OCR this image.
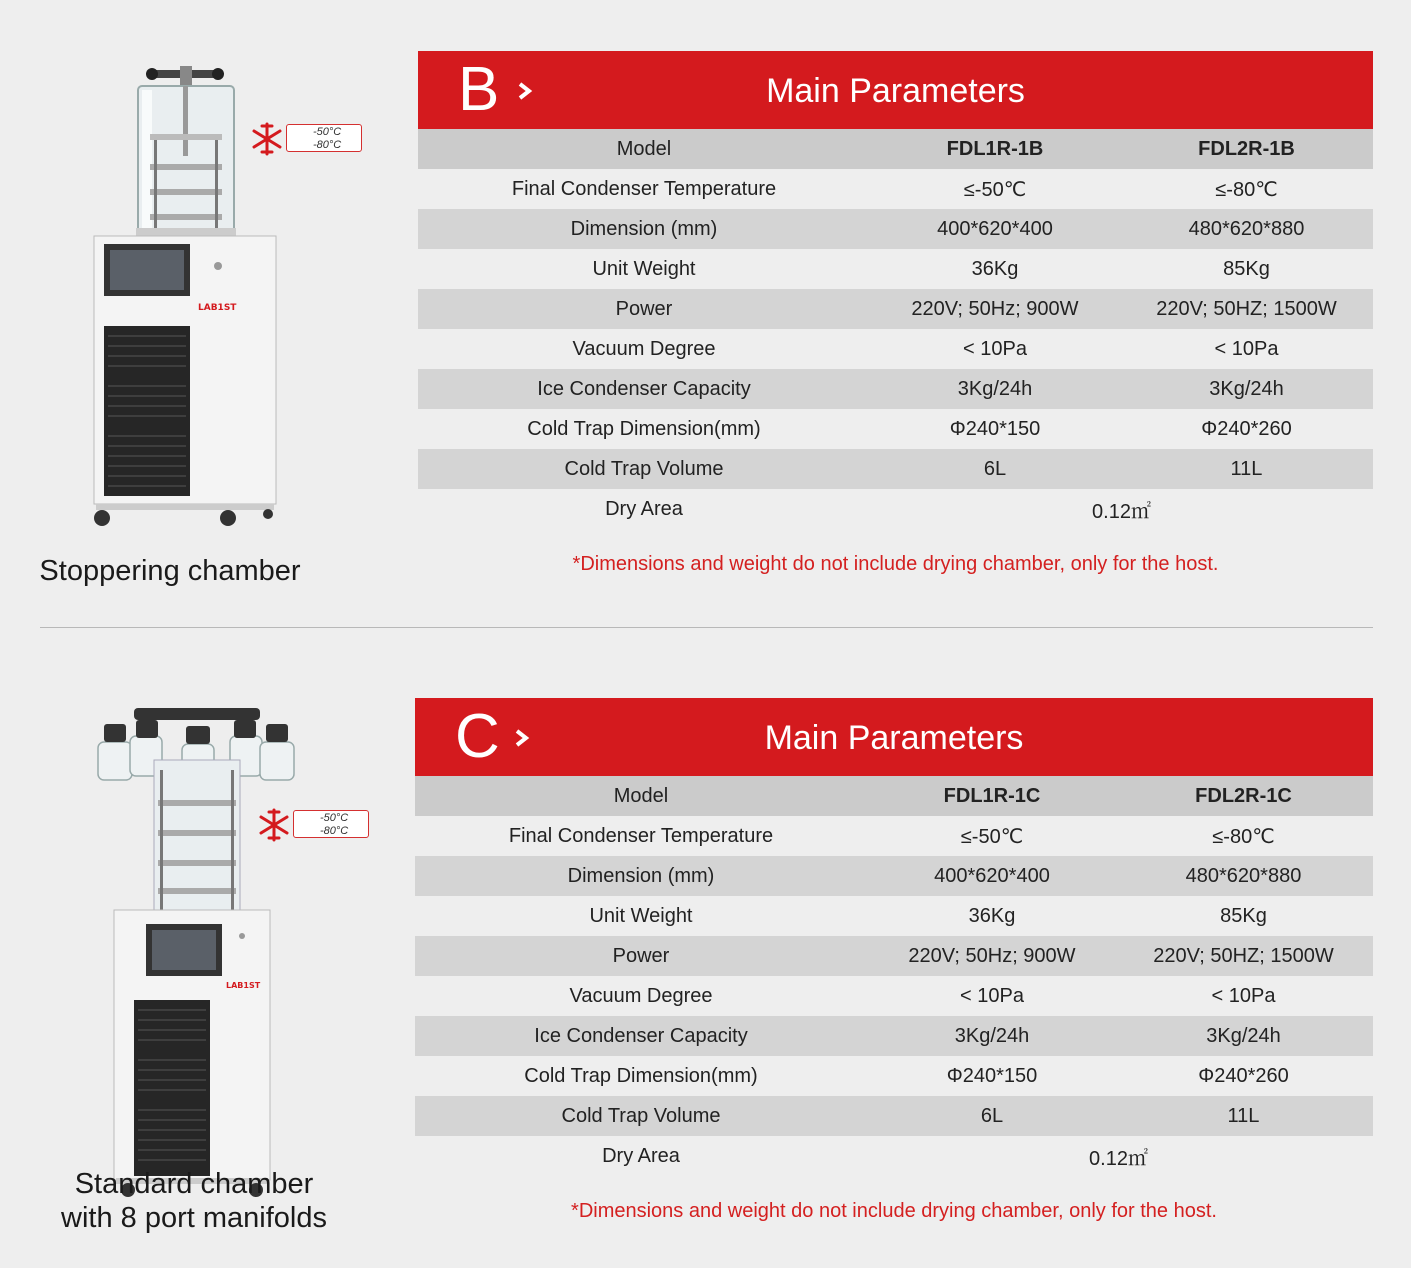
LAB1ST
-50°C
-80°C
Stoppering chamber
B	Main Parameters
Model	FDL1R-1B	FDL2R-1B
Final Condenser Temperature	≤-50℃	≤-80℃
Dimension (mm)	400*620*400	480*620*880
Unit Weight	36Kg	85Kg
Power	220V; 50Hz; 900W	220V; 50HZ; 1500W
Vacuum Degree	< 10Pa	< 10Pa
Ice Condenser Capacity	3Kg/24h	3Kg/24h
Cold Trap Dimension(mm)	Φ240*150	Φ240*260
Cold Trap Volume	6L	11L
Dry Area	0.12㎡
*Dimensions and weight do not include drying chamber, only for the host.
LAB1ST
-50°C
-80°C
Standard chamber
with 8 port manifolds
C	Main Parameters
Model	FDL1R-1C	FDL2R-1C
Final Condenser Temperature	≤-50℃	≤-80℃
Dimension (mm)	400*620*400	480*620*880
Unit Weight	36Kg	85Kg
Power	220V; 50Hz; 900W	220V; 50HZ; 1500W
Vacuum Degree	< 10Pa	< 10Pa
Ice Condenser Capacity	3Kg/24h	3Kg/24h
Cold Trap Dimension(mm)	Φ240*150	Φ240*260
Cold Trap Volume	6L	11L
Dry Area	0.12㎡
*Dimensions and weight do not include drying chamber, only for the host.
